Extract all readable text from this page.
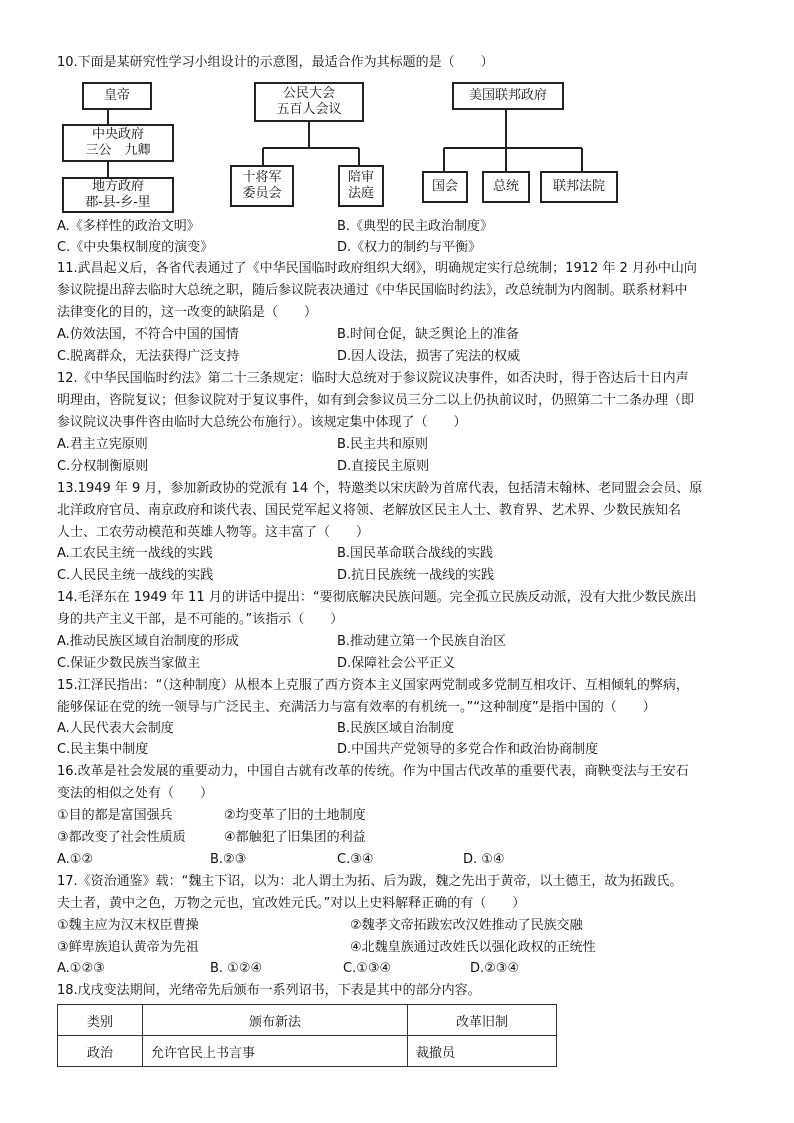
10.下面是某研究性学习小组设计的示意图，最适合作为其标题的是（　　）
皇帝
中央政府
三公　九卿
地方政府
郡-县-乡-里
公民大会
五百人会议
十将军
委员会
陪审
法庭
美国联邦政府
国会	总统	联邦法院
A.《多样性的政治文明》	B.《典型的民主政治制度》
C.《中央集权制度的演变》	D.《权力的制约与平衡》
11.武昌起义后，各省代表通过了《中华民国临时政府组织大纲》，明确规定实行总统制；1912 年 2 月孙中山向
参议院提出辞去临时大总统之职，随后参议院表决通过《中华民国临时约法》，改总统制为内阁制。联系材料中
法律变化的目的，这一改变的缺陷是（　　）
A.仿效法国，不符合中国的国情	B.时间仓促，缺乏舆论上的准备
C.脱离群众，无法获得广泛支持	D.因人设法，损害了宪法的权威
12.《中华民国临时约法》第二十三条规定：临时大总统对于参议院议决事件，如否决时，得于咨达后十日内声
明理由，咨院复议；但参议院对于复议事件，如有到会参议员三分二以上仍执前议时，仍照第二十二条办理（即
参议院议决事件咨由临时大总统公布施行）。该规定集中体现了（　　）
A.君主立宪原则	B.民主共和原则
C.分权制衡原则	D.直接民主原则
13.1949 年 9 月，参加新政协的党派有 14 个，特邀类以宋庆龄为首席代表，包括清末翰林、老同盟会会员、原
北洋政府官员、南京政府和谈代表、国民党军起义将领、老解放区民主人士、教育界、艺术界、少数民族知名
人士、工农劳动模范和英雄人物等。这丰富了（　　）
A.工农民主统一战线的实践	B.国民革命联合战线的实践
C.人民民主统一战线的实践	D.抗日民族统一战线的实践
14.毛泽东在 1949 年 11 月的讲话中提出：“要彻底解决民族问题。完全孤立民族反动派，没有大批少数民族出
身的共产主义干部，是不可能的。”该指示（　　）
A.推动民族区域自治制度的形成	B.推动建立第一个民族自治区
C.保证少数民族当家做主	D.保障社会公平正义
15.江泽民指出：“（这种制度）从根本上克服了西方资本主义国家两党制或多党制互相攻讦、互相倾轧的弊病，
能够保证在党的统一领导与广泛民主、充满活力与富有效率的有机统一。”“这种制度”是指中国的（　　）
A.人民代表大会制度	B.民族区域自治制度
C.民主集中制度	D.中国共产党领导的多党合作和政治协商制度
16.改革是社会发展的重要动力，中国自古就有改革的传统。作为中国古代改革的重要代表，商鞅变法与王安石
变法的相似之处有（　　）
①目的都是富国强兵	②均变革了旧的土地制度
③都改变了社会性质质	④都触犯了旧集团的利益
A.①②	B.②③	C.③④	D. ①④
17.《资治通鉴》载：“魏主下诏，以为：北人谓土为拓、后为跋，魏之先出于黄帝，以土德王，故为拓跋氏。
夫土者，黄中之色，万物之元也，宜改姓元氏。”对以上史料解释正确的有（　　）
①魏主应为汉末权臣曹操	②魏孝文帝拓跋宏改汉姓推动了民族交融
③鲜卑族追认黄帝为先祖	④北魏皇族通过改姓氏以强化政权的正统性
A.①②③	B. ①②④	C.①③④	D.②③④
18.戊戌变法期间，光绪帝先后颁布一系列诏书，下表是其中的部分内容。
类别	颁布新法	改革旧制
政治	允许官民上书言事	裁撤员
